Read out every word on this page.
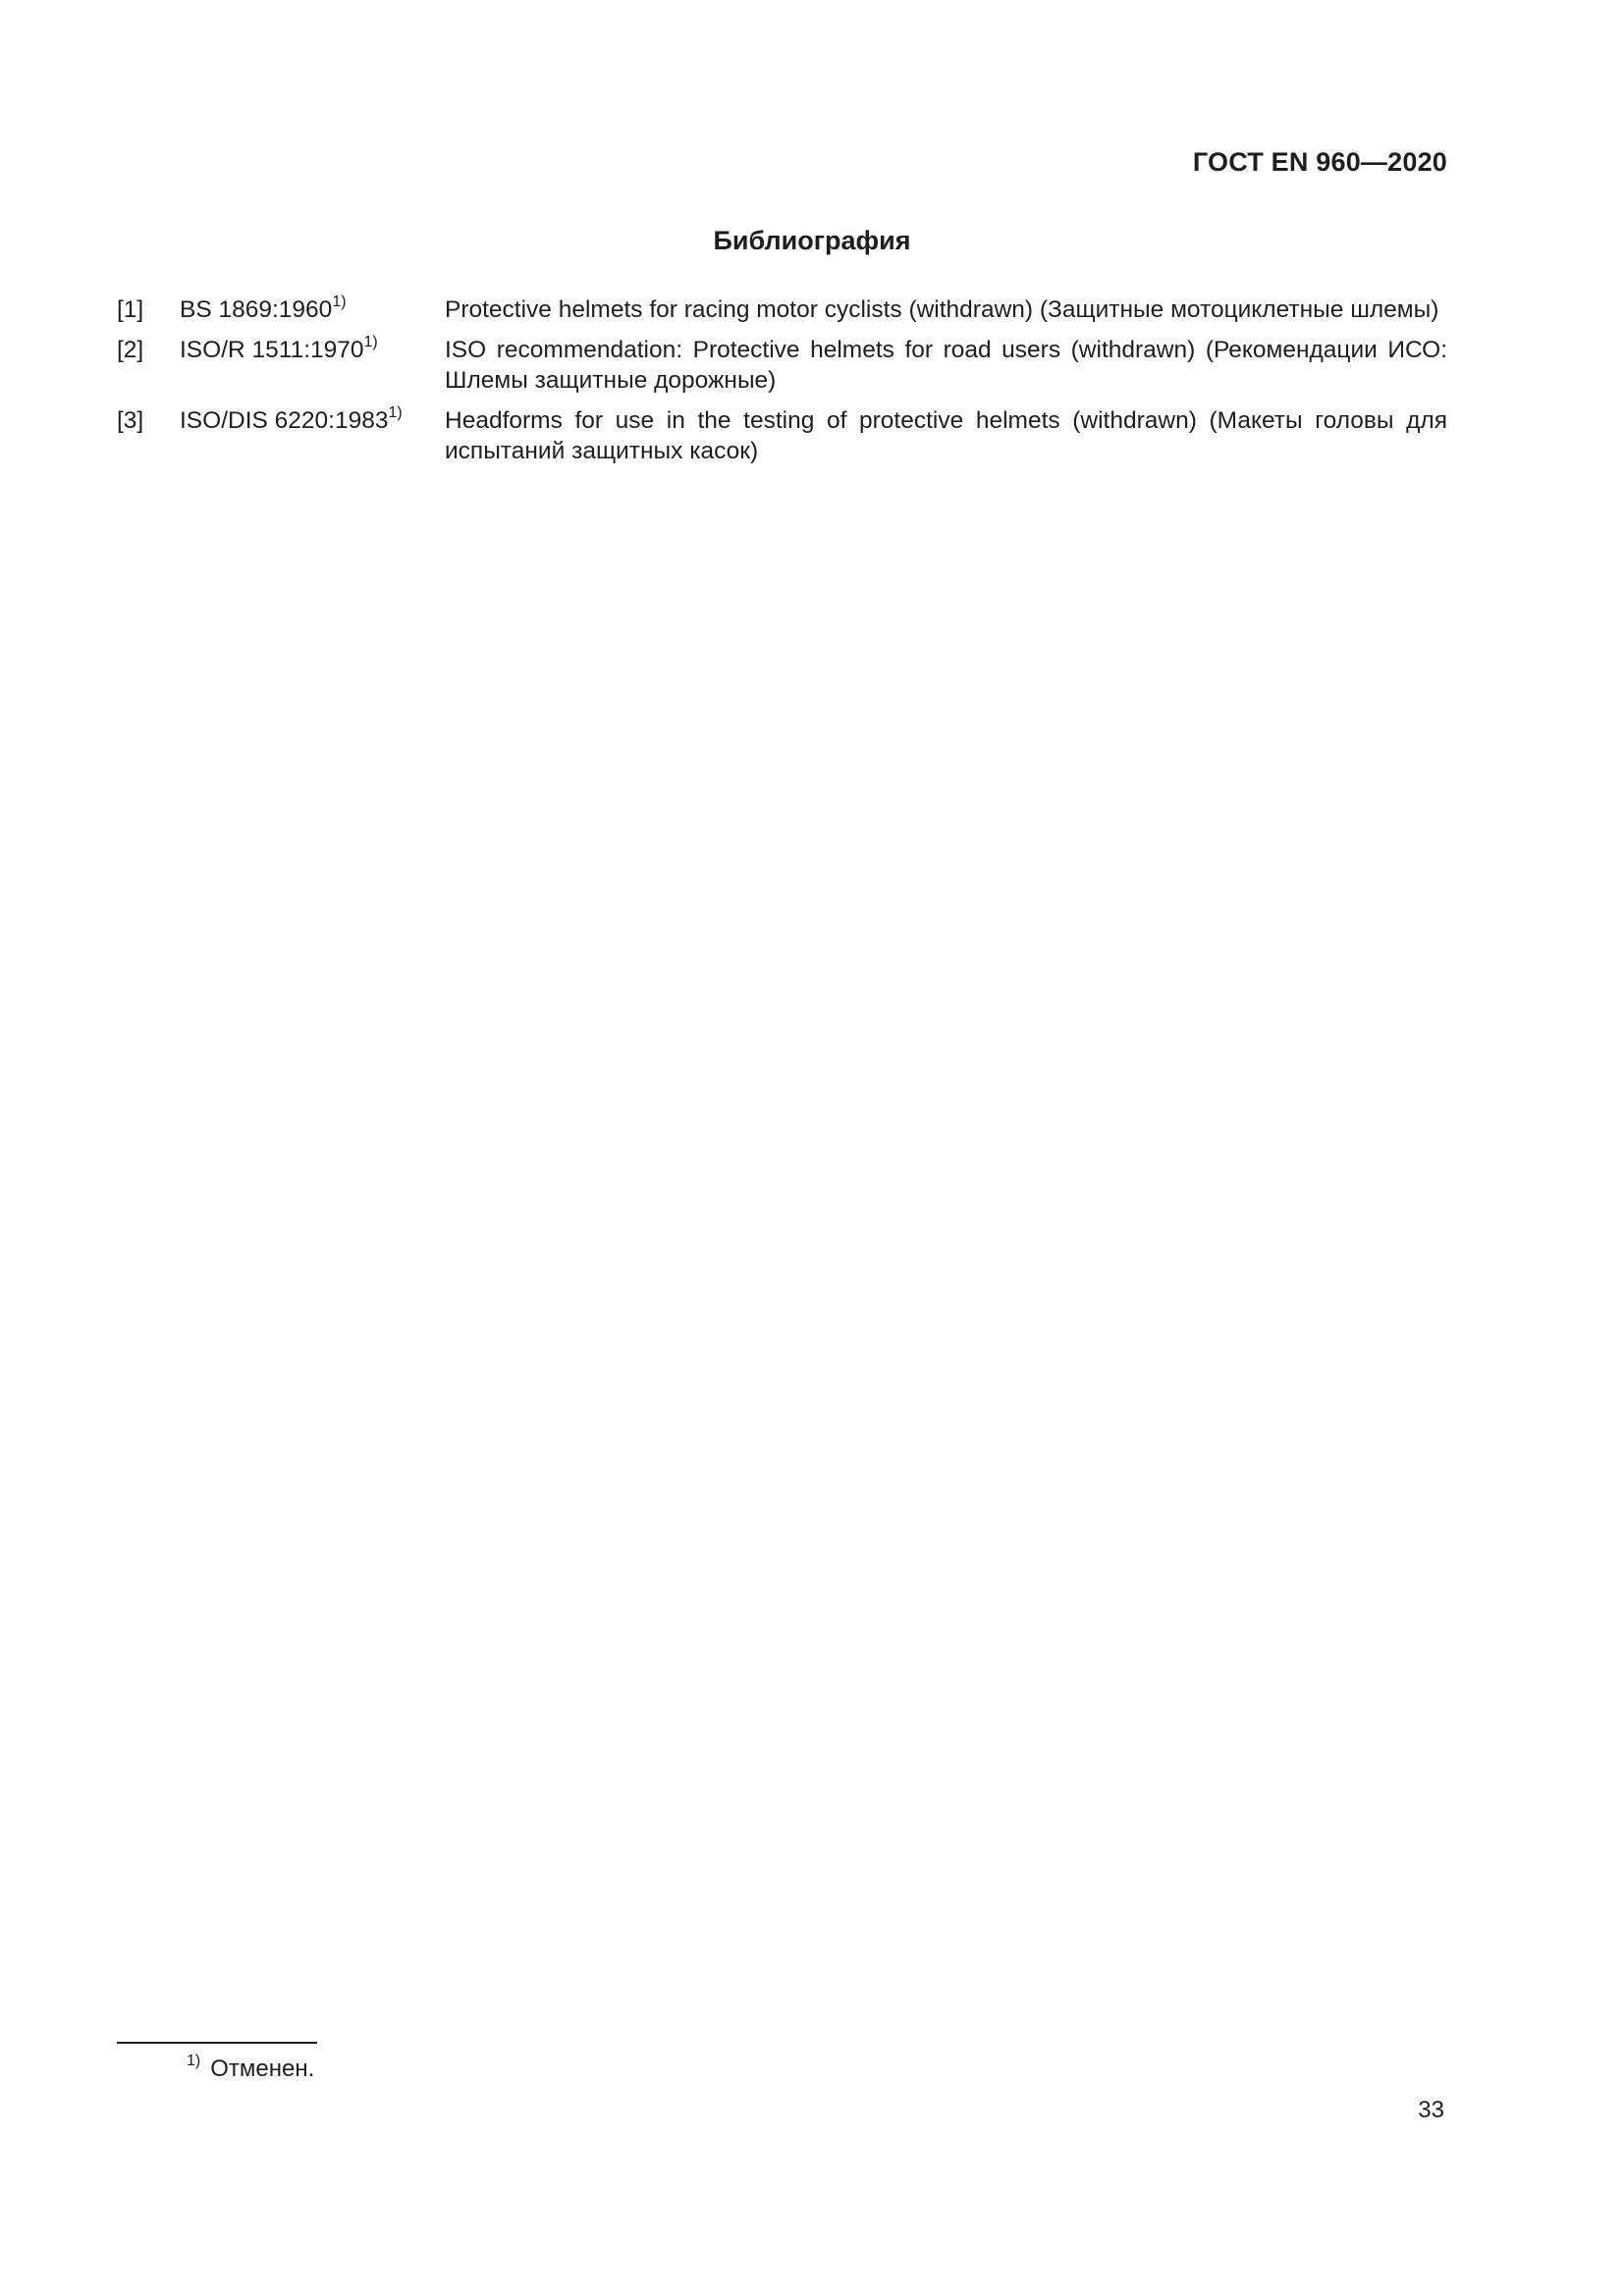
ГОСТ EN 960—2020
Библиография
[1]	BS 1869:1960$^{1)}$	Protective helmets for racing motor cyclists (withdrawn) (Защитные мотоциклетные шлемы)
[2]	ISO/R 1511:1970$^{1)}$	ISO recommendation: Protective helmets for road users (withdrawn) (Рекомендации ИСО: Шлемы защитные дорожные)
[3]	ISO/DIS 6220:1983$^{1)}$	Headforms for use in the testing of protective helmets (withdrawn) (Макеты головы для испытаний защитных касок)
$^{1)}$ Отменен.
33
